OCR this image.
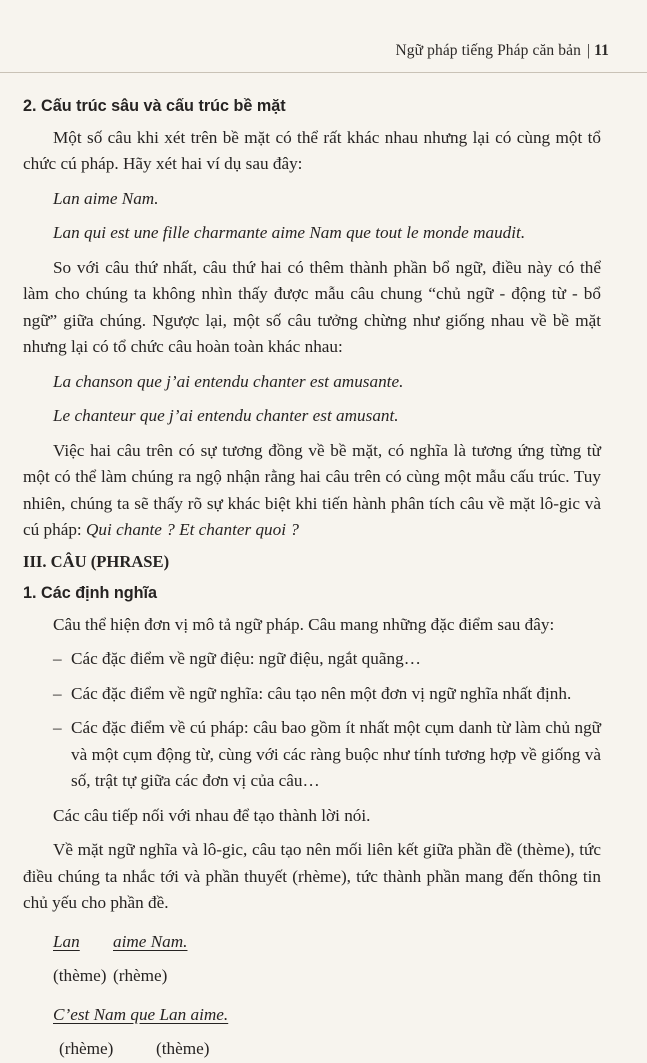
Ngữ pháp tiếng Pháp căn bản | 11

2. Cấu trúc sâu và cấu trúc bề mặt

Một số câu khi xét trên bề mặt có thể rất khác nhau nhưng lại có cùng một tổ chức cú pháp. Hãy xét hai ví dụ sau đây:

Lan aime Nam.

Lan qui est une fille charmante aime Nam que tout le monde maudit.

So với câu thứ nhất, câu thứ hai có thêm thành phần bổ ngữ, điều này có thể làm cho chúng ta không nhìn thấy được mẫu câu chung “chủ ngữ - động từ - bổ ngữ” giữa chúng. Ngược lại, một số câu tưởng chừng như giống nhau về bề mặt nhưng lại có tổ chức câu hoàn toàn khác nhau:

La chanson que j’ai entendu chanter est amusante.

Le chanteur que j’ai entendu chanter est amusant.

Việc hai câu trên có sự tương đồng về bề mặt, có nghĩa là tương ứng từng từ một có thể làm chúng ra ngộ nhận rằng hai câu trên có cùng một mẫu cấu trúc. Tuy nhiên, chúng ta sẽ thấy rõ sự khác biệt khi tiến hành phân tích câu về mặt lô-gic và cú pháp: Qui chante ? Et chanter quoi ?

III. CÂU (PHRASE)

1. Các định nghĩa

Câu thể hiện đơn vị mô tả ngữ pháp. Câu mang những đặc điểm sau đây:

– Các đặc điểm về ngữ điệu: ngữ điệu, ngắt quãng…

– Các đặc điểm về ngữ nghĩa: câu tạo nên một đơn vị ngữ nghĩa nhất định.

– Các đặc điểm về cú pháp: câu bao gồm ít nhất một cụm danh từ làm chủ ngữ và một cụm động từ, cùng với các ràng buộc như tính tương hợp về giống và số, trật tự giữa các đơn vị của câu…

Các câu tiếp nối với nhau để tạo thành lời nói.

Về mặt ngữ nghĩa và lô-gic, câu tạo nên mối liên kết giữa phần đề (thème), tức điều chúng ta nhắc tới và phần thuyết (rhème), tức thành phần mang đến thông tin chủ yếu cho phần đề.

Lan aime Nam.
(thème) (rhème)
C’est Nam que Lan aime.
(rhème) (thème)
